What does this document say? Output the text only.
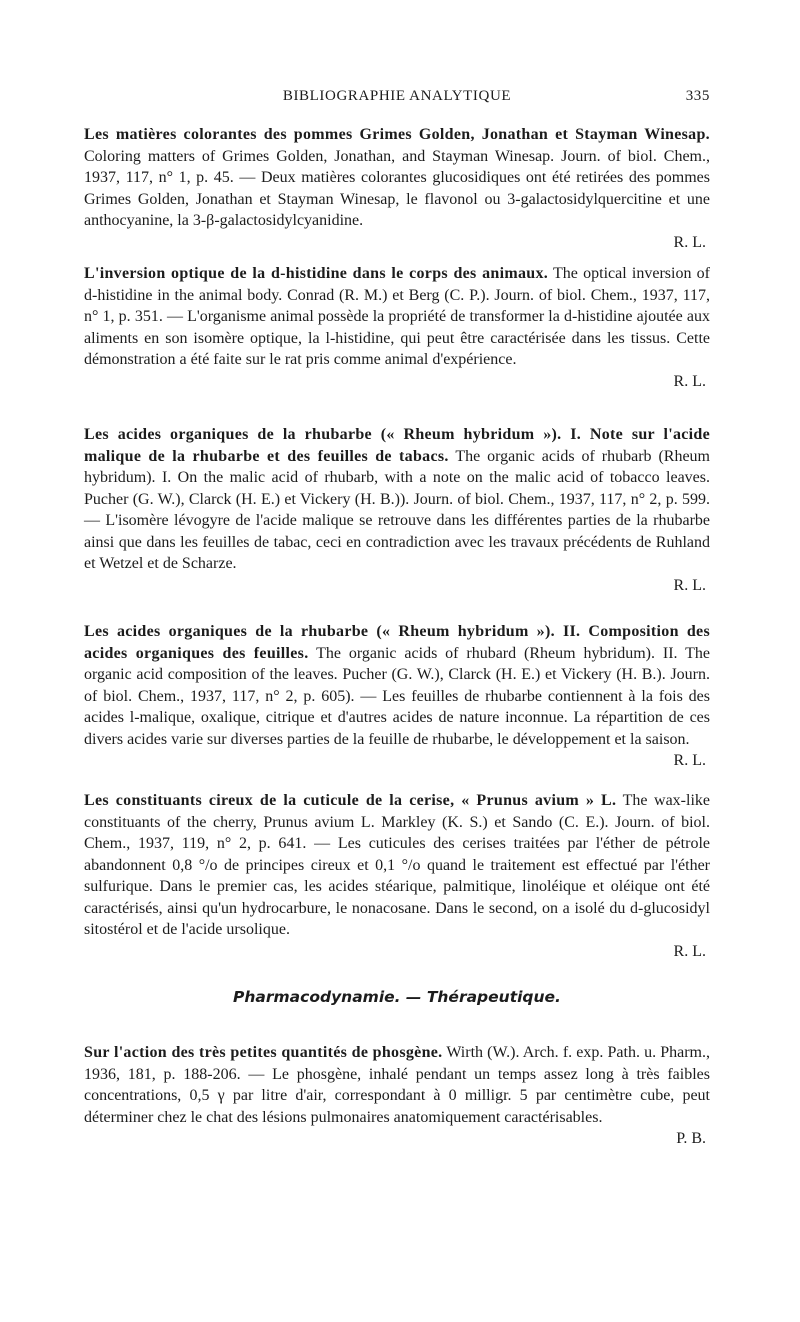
BIBLIOGRAPHIE ANALYTIQUE	335
Les matières colorantes des pommes Grimes Golden, Jonathan et Stayman Winesap. Coloring matters of Grimes Golden, Jonathan, and Stayman Winesap. Journ. of biol. Chem., 1937, 117, n° 1, p. 45. — Deux matières colorantes glucosidiques ont été retirées des pommes Grimes Golden, Jonathan et Stayman Winesap, le flavonol ou 3-galactosidylquercitine et une anthocyanine, la 3-β-galactosidylcyanidine.
R. L.
L'inversion optique de la d-histidine dans le corps des animaux. The optical inversion of d-histidine in the animal body. Conrad (R. M.) et Berg (C. P.). Journ. of biol. Chem., 1937, 117, n° 1, p. 351. — L'organisme animal possède la propriété de transformer la d-histidine ajoutée aux aliments en son isomère optique, la l-histidine, qui peut être caractérisée dans les tissus. Cette démonstration a été faite sur le rat pris comme animal d'expérience.
R. L.
Les acides organiques de la rhubarbe (« Rheum hybridum »). I. Note sur l'acide malique de la rhubarbe et des feuilles de tabacs. The organic acids of rhubarb (Rheum hybridum). I. On the malic acid of rhubarb, with a note on the malic acid of tobacco leaves. Pucher (G. W.), Clarck (H. E.) et Vickery (H. B.)). Journ. of biol. Chem., 1937, 117, n° 2, p. 599. — L'isomère lévogyre de l'acide malique se retrouve dans les différentes parties de la rhubarbe ainsi que dans les feuilles de tabac, ceci en contradiction avec les travaux précédents de Ruhland et Wetzel et de Scharze.
R. L.
Les acides organiques de la rhubarbe (« Rheum hybridum »). II. Composition des acides organiques des feuilles. The organic acids of rhubard (Rheum hybridum). II. The organic acid composition of the leaves. Pucher (G. W.), Clarck (H. E.) et Vickery (H. B.). Journ. of biol. Chem., 1937, 117, n° 2, p. 605). — Les feuilles de rhubarbe contiennent à la fois des acides l-malique, oxalique, citrique et d'autres acides de nature inconnue. La répartition de ces divers acides varie sur diverses parties de la feuille de rhubarbe, le développement et la saison.
R. L.
Les constituants cireux de la cuticule de la cerise, « Prunus avium » L. The wax-like constituants of the cherry, Prunus avium L. Markley (K. S.) et Sando (C. E.). Journ. of biol. Chem., 1937, 119, n° 2, p. 641. — Les cuticules des cerises traitées par l'éther de pétrole abandonnent 0,8 °/o de principes cireux et 0,1 °/o quand le traitement est effectué par l'éther sulfurique. Dans le premier cas, les acides stéarique, palmitique, linoléique et oléique ont été caractérisés, ainsi qu'un hydrocarbure, le nonacosane. Dans le second, on a isolé du d-glucosidyl sitostérol et de l'acide ursolique.
R. L.
Pharmacodynamie. — Thérapeutique.
Sur l'action des très petites quantités de phosgène. Wirth (W.). Arch. f. exp. Path. u. Pharm., 1936, 181, p. 188-206. — Le phosgène, inhalé pendant un temps assez long à très faibles concentrations, 0,5 γ par litre d'air, correspondant à 0 milligr. 5 par centimètre cube, peut déterminer chez le chat des lésions pulmonaires anatomiquement caractérisables.
P. B.
